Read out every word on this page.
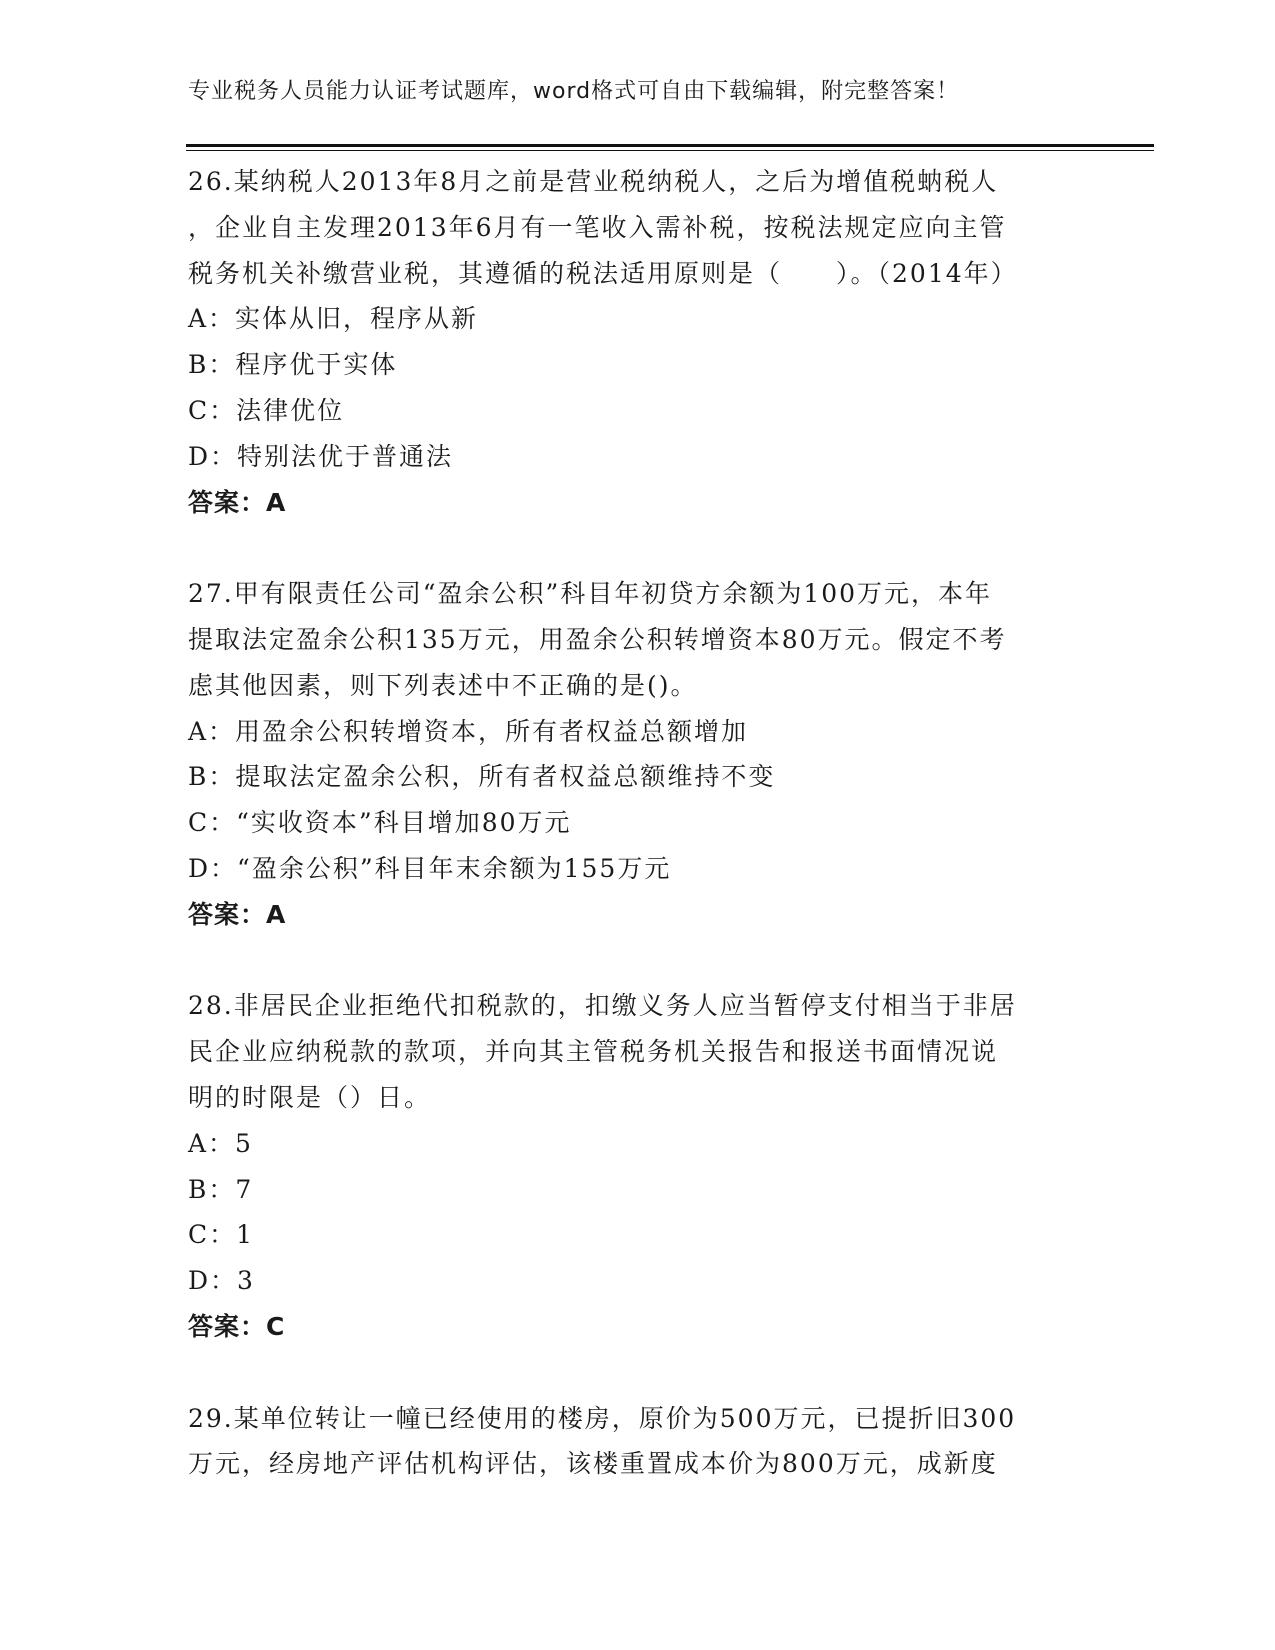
专业税务人员能力认证考试题库，word格式可自由下载编辑，附完整答案！
26.某纳税人2013年8月之前是营业税纳税人，之后为增值税蚋税人
，企业自主发理2013年6月有一笔收入需补税，按税法规定应向主管
税务机关补缴营业税，其遵循的税法适用原则是（　　）。（2014年）
A：实体从旧，程序从新
B：程序优于实体
C：法律优位
D：特别法优于普通法
答案：A
27.甲有限责任公司“盈余公积”科目年初贷方余额为100万元，本年
提取法定盈余公积135万元，用盈余公积转增资本80万元。假定不考
虑其他因素，则下列表述中不正确的是()。
A：用盈余公积转增资本，所有者权益总额增加
B：提取法定盈余公积，所有者权益总额维持不变
C：“实收资本”科目增加80万元
D：“盈余公积”科目年末余额为155万元
答案：A
28.非居民企业拒绝代扣税款的，扣缴义务人应当暂停支付相当于非居
民企业应纳税款的款项，并向其主管税务机关报告和报送书面情况说
明的时限是（）日。
A：5
B：7
C：1
D：3
答案：C
29.某单位转让一幢已经使用的楼房，原价为500万元，已提折旧300
万元，经房地产评估机构评估，该楼重置成本价为800万元，成新度
